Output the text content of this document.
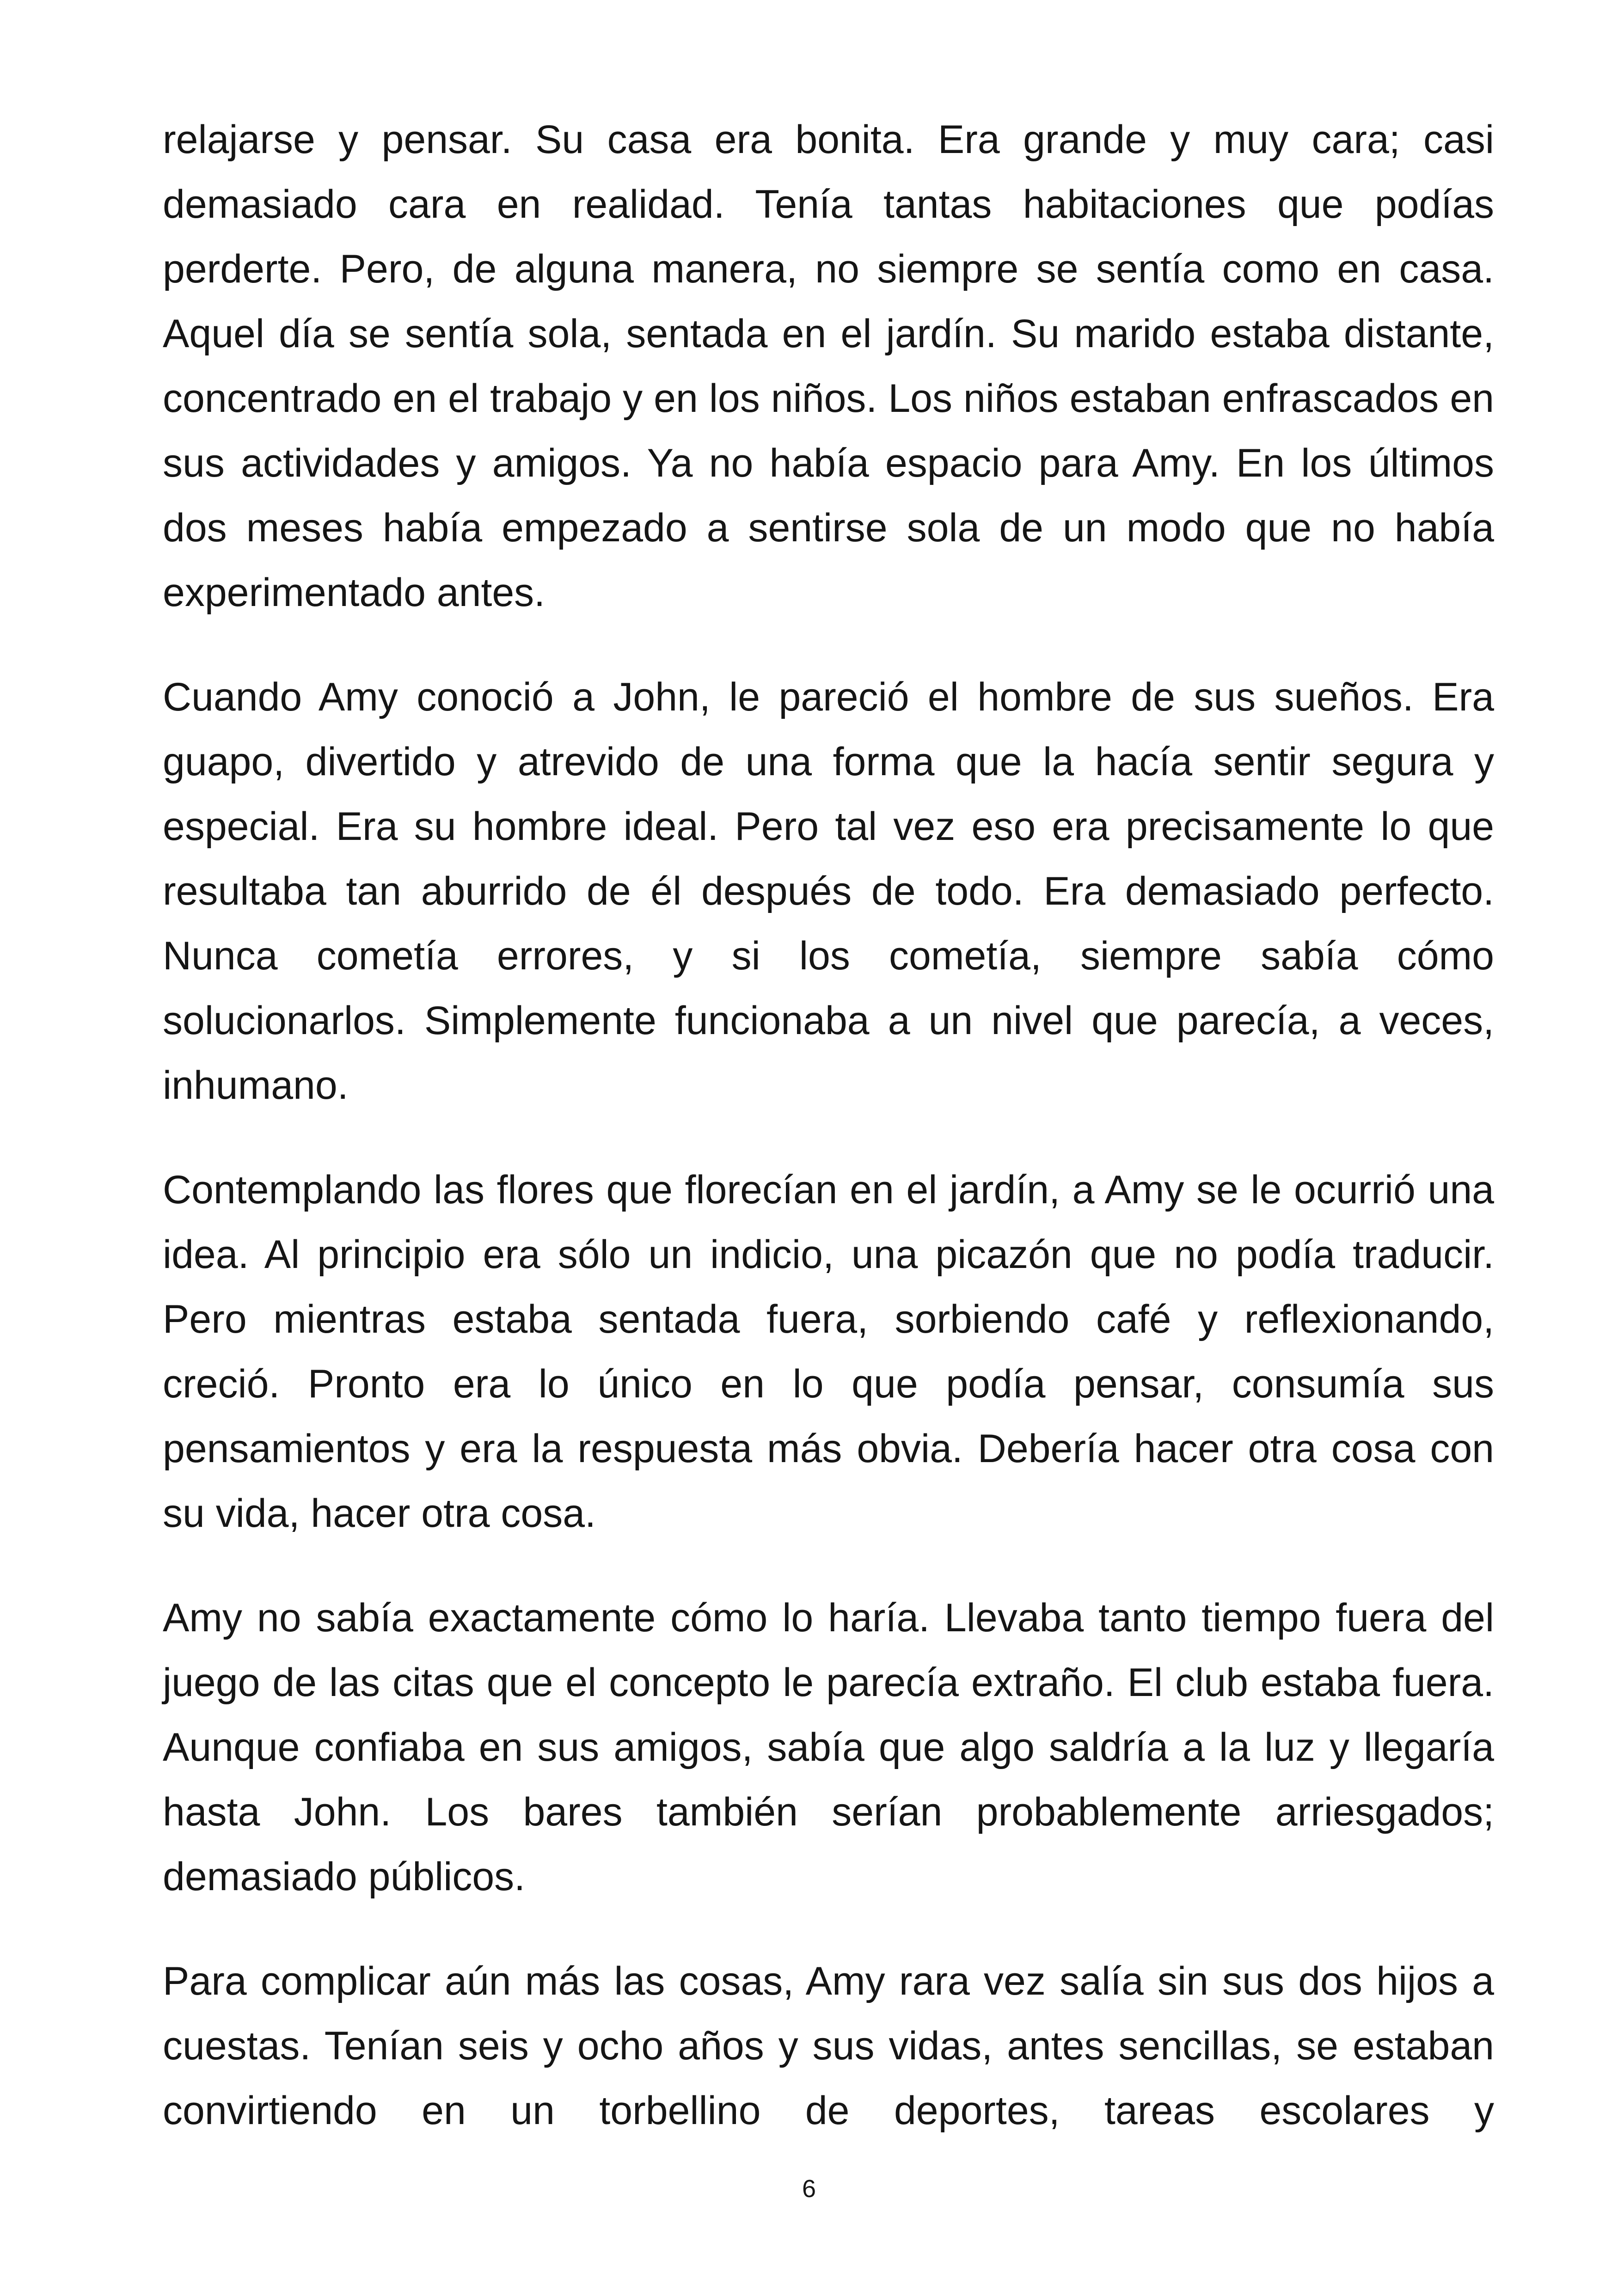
relajarse y pensar. Su casa era bonita. Era grande y muy cara; casi demasiado cara en realidad. Tenía tantas habitaciones que podías perderte. Pero, de alguna manera, no siempre se sentía como en casa. Aquel día se sentía sola, sentada en el jardín. Su marido estaba distante, concentrado en el trabajo y en los niños. Los niños estaban enfrascados en sus actividades y amigos. Ya no había espacio para Amy. En los últimos dos meses había empezado a sentirse sola de un modo que no había experimentado antes.

Cuando Amy conoció a John, le pareció el hombre de sus sueños. Era guapo, divertido y atrevido de una forma que la hacía sentir segura y especial. Era su hombre ideal. Pero tal vez eso era precisamente lo que resultaba tan aburrido de él después de todo. Era demasiado perfecto. Nunca cometía errores, y si los cometía, siempre sabía cómo solucionarlos. Simplemente funcionaba a un nivel que parecía, a veces, inhumano.

Contemplando las flores que florecían en el jardín, a Amy se le ocurrió una idea. Al principio era sólo un indicio, una picazón que no podía traducir. Pero mientras estaba sentada fuera, sorbiendo café y reflexionando, creció. Pronto era lo único en lo que podía pensar, consumía sus pensamientos y era la respuesta más obvia. Debería hacer otra cosa con su vida, hacer otra cosa.

Amy no sabía exactamente cómo lo haría. Llevaba tanto tiempo fuera del juego de las citas que el concepto le parecía extraño. El club estaba fuera. Aunque confiaba en sus amigos, sabía que algo saldría a la luz y llegaría hasta John. Los bares también serían probablemente arriesgados; demasiado públicos.

Para complicar aún más las cosas, Amy rara vez salía sin sus dos hijos a cuestas. Tenían seis y ocho años y sus vidas, antes sencillas, se estaban convirtiendo en un torbellino de deportes, tareas escolares y

6
